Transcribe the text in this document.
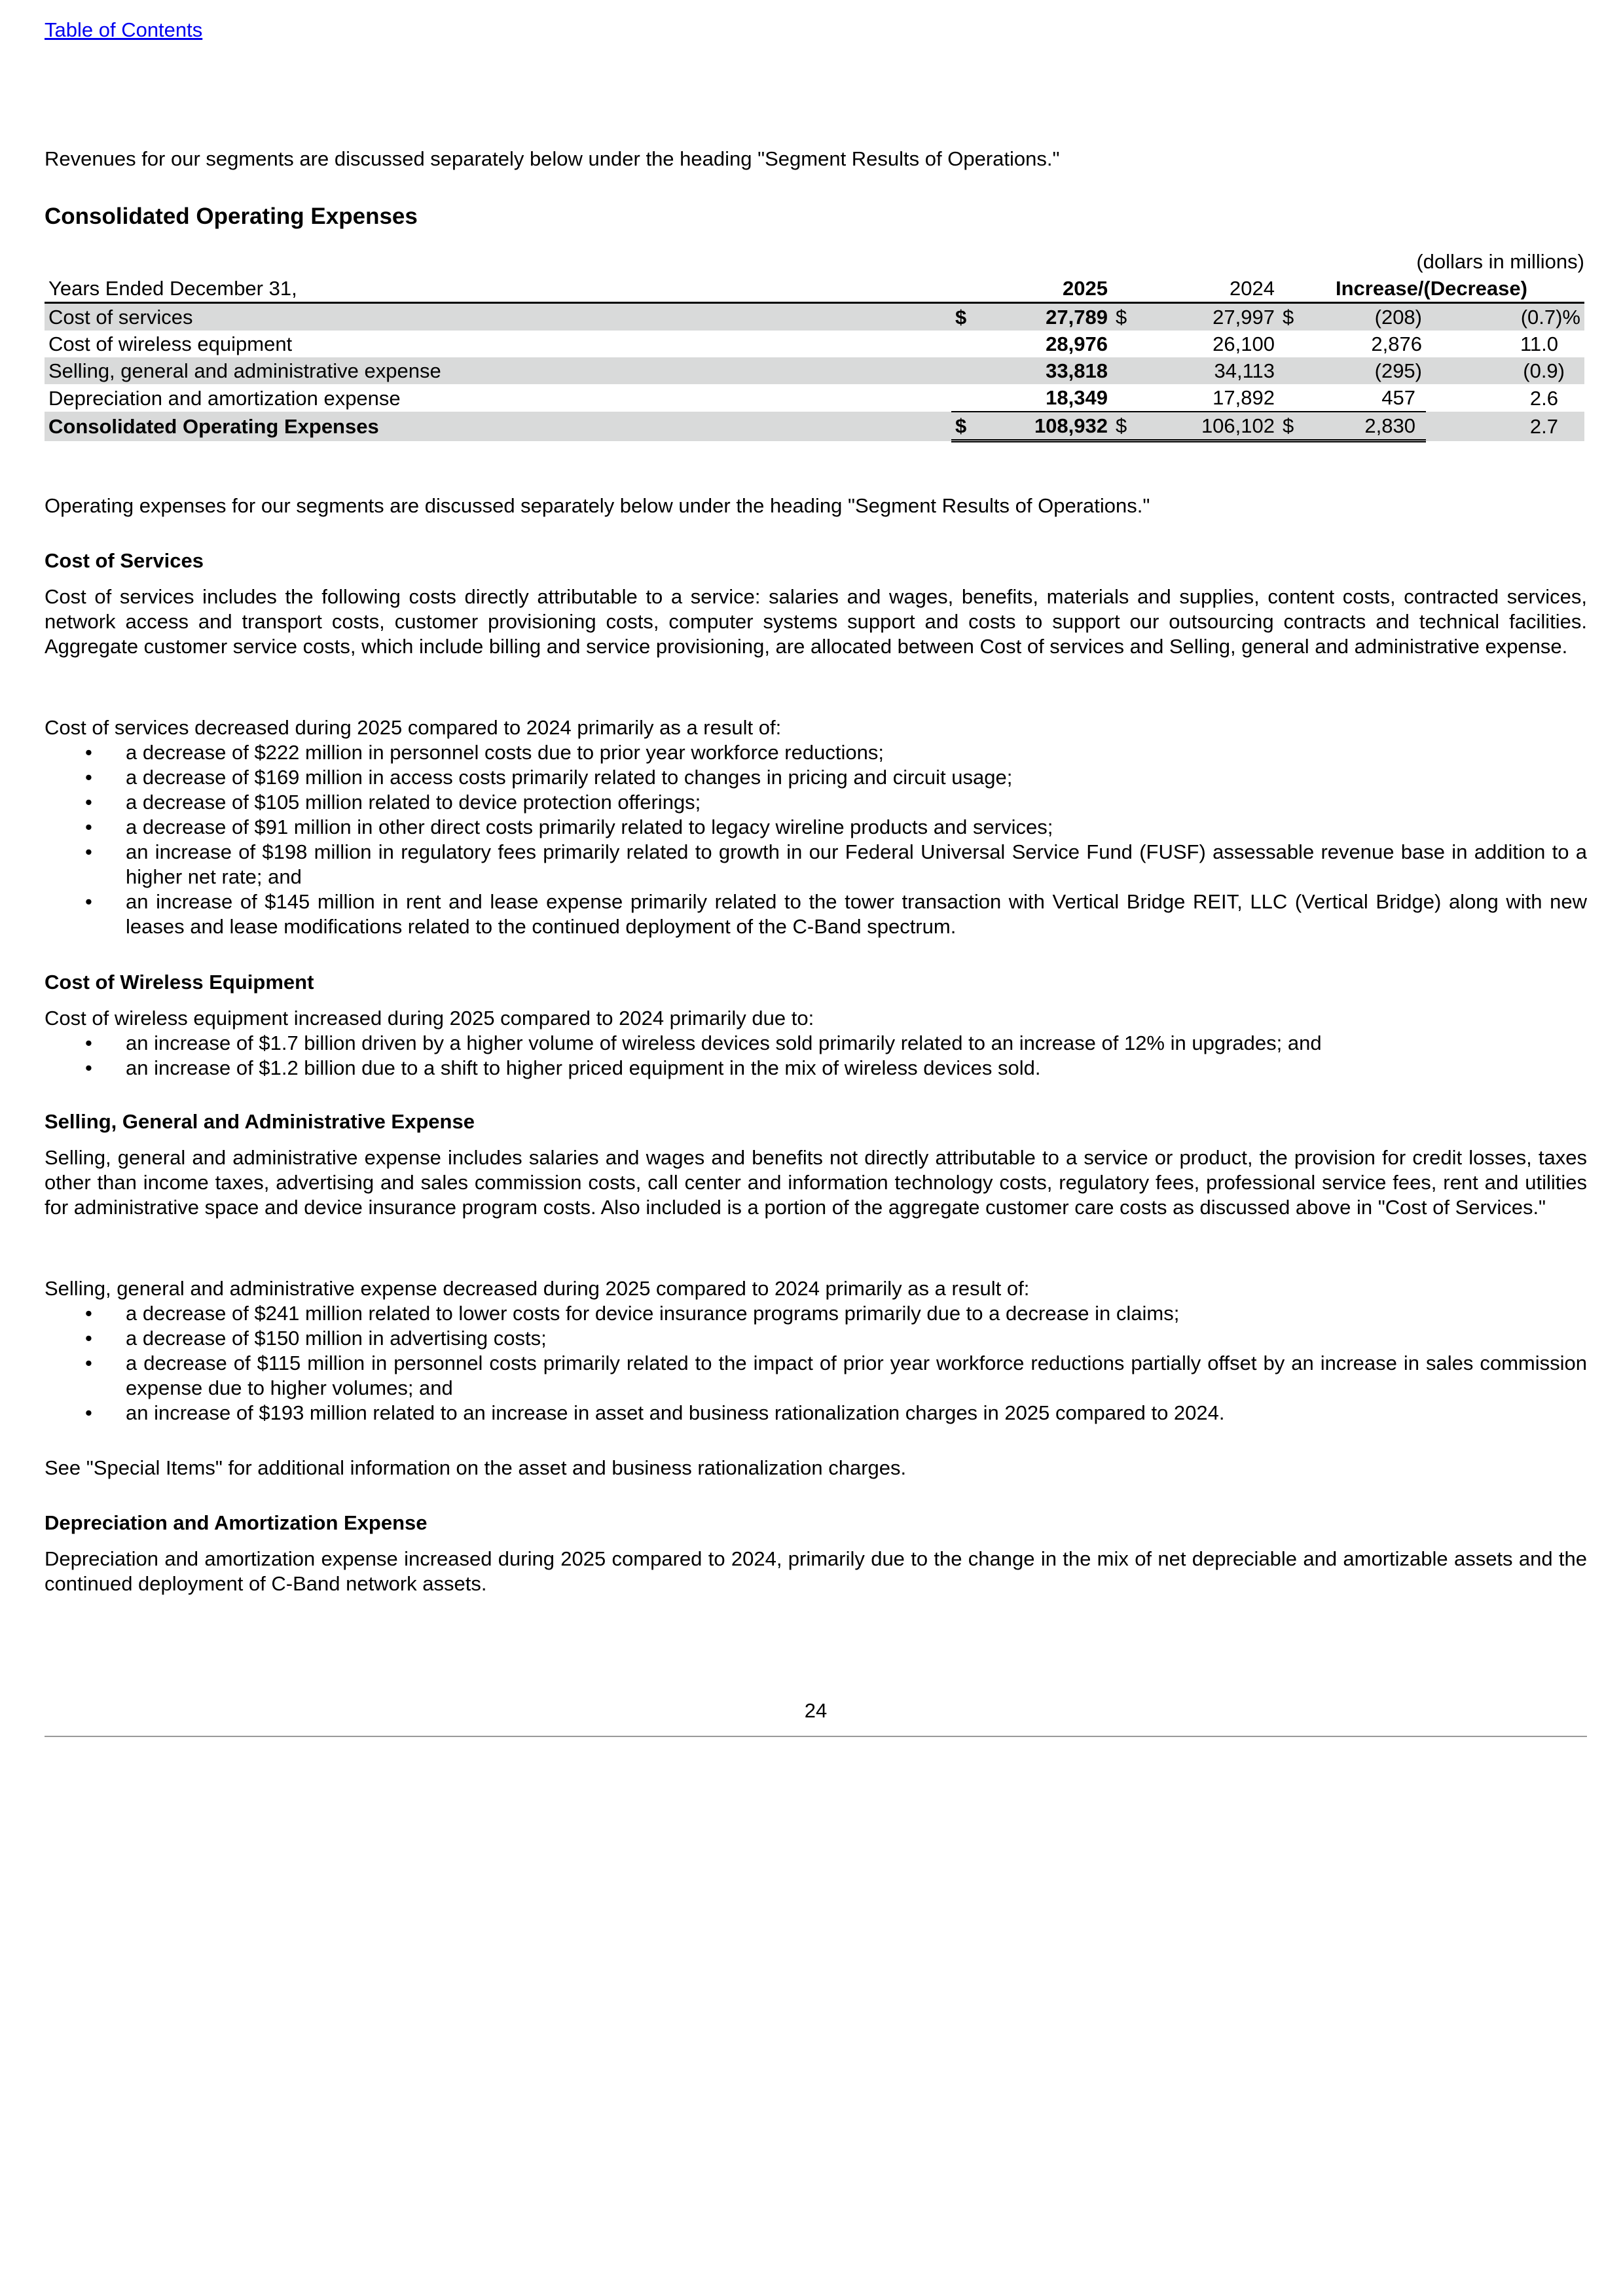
Table of Contents

Revenues for our segments are discussed separately below under the heading "Segment Results of Operations."

Consolidated Operating Expenses

(dollars in millions)
Years Ended December 31,		2025		2024	Increase/(Decrease)		
Cost of services	$	27,789	$	27,997	$	(208)	(0.7)%
Cost of wireless equipment		28,976		26,100		2,876	11.0
Selling, general and administrative expense		33,818		34,113		(295)	(0.9)
Depreciation and amortization expense		18,349		17,892		457	2.6
Consolidated Operating Expenses	$	108,932	$	106,102	$	2,830	2.7

Operating expenses for our segments are discussed separately below under the heading "Segment Results of Operations."

Cost of Services

Cost of services includes the following costs directly attributable to a service: salaries and wages, benefits, materials and supplies, content costs, contracted services, network access and transport costs, customer provisioning costs, computer systems support and costs to support our outsourcing contracts and technical facilities. Aggregate customer service costs, which include billing and service provisioning, are allocated between Cost of services and Selling, general and administrative expense.

Cost of services decreased during 2025 compared to 2024 primarily as a result of:

• a decrease of $222 million in personnel costs due to prior year workforce reductions;
• a decrease of $169 million in access costs primarily related to changes in pricing and circuit usage;
• a decrease of $105 million related to device protection offerings;
• a decrease of $91 million in other direct costs primarily related to legacy wireline products and services;
• an increase of $198 million in regulatory fees primarily related to growth in our Federal Universal Service Fund (FUSF) assessable revenue base in addition to a higher net rate; and
• an increase of $145 million in rent and lease expense primarily related to the tower transaction with Vertical Bridge REIT, LLC (Vertical Bridge) along with new leases and lease modifications related to the continued deployment of the C-Band spectrum.

Cost of Wireless Equipment

Cost of wireless equipment increased during 2025 compared to 2024 primarily due to:

• an increase of $1.7 billion driven by a higher volume of wireless devices sold primarily related to an increase of 12% in upgrades; and
• an increase of $1.2 billion due to a shift to higher priced equipment in the mix of wireless devices sold.

Selling, General and Administrative Expense

Selling, general and administrative expense includes salaries and wages and benefits not directly attributable to a service or product, the provision for credit losses, taxes other than income taxes, advertising and sales commission costs, call center and information technology costs, regulatory fees, professional service fees, rent and utilities for administrative space and device insurance program costs. Also included is a portion of the aggregate customer care costs as discussed above in "Cost of Services."

Selling, general and administrative expense decreased during 2025 compared to 2024 primarily as a result of:

• a decrease of $241 million related to lower costs for device insurance programs primarily due to a decrease in claims;
• a decrease of $150 million in advertising costs;
• a decrease of $115 million in personnel costs primarily related to the impact of prior year workforce reductions partially offset by an increase in sales commission expense due to higher volumes; and
• an increase of $193 million related to an increase in asset and business rationalization charges in 2025 compared to 2024.

See "Special Items" for additional information on the asset and business rationalization charges.

Depreciation and Amortization Expense

Depreciation and amortization expense increased during 2025 compared to 2024, primarily due to the change in the mix of net depreciable and amortizable assets and the continued deployment of C-Band network assets.

24
